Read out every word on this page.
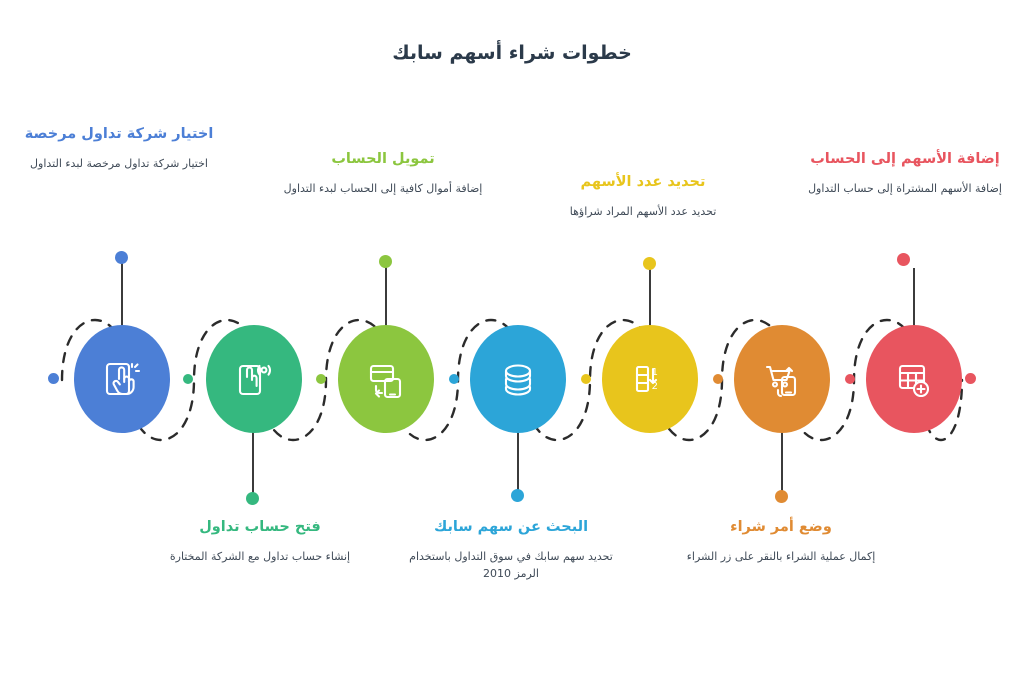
خطوات شراء أسهم سابك
اختيار شركة تداول مرخصة
اختيار شركة تداول مرخصة لبدء التداول
فتح حساب تداول
إنشاء حساب تداول مع الشركة المختارة
تمويل الحساب
إضافة أموال كافية إلى الحساب لبدء التداول
البحث عن سهم سابك
تحديد سهم سابك في سوق التداول باستخدام الرمز 2010
1
2
تحديد عدد الأسهم
تحديد عدد الأسهم المراد شراؤها
وضع أمر شراء
إكمال عملية الشراء بالنقر على زر الشراء
إضافة الأسهم إلى الحساب
إضافة الأسهم المشتراة إلى حساب التداول
